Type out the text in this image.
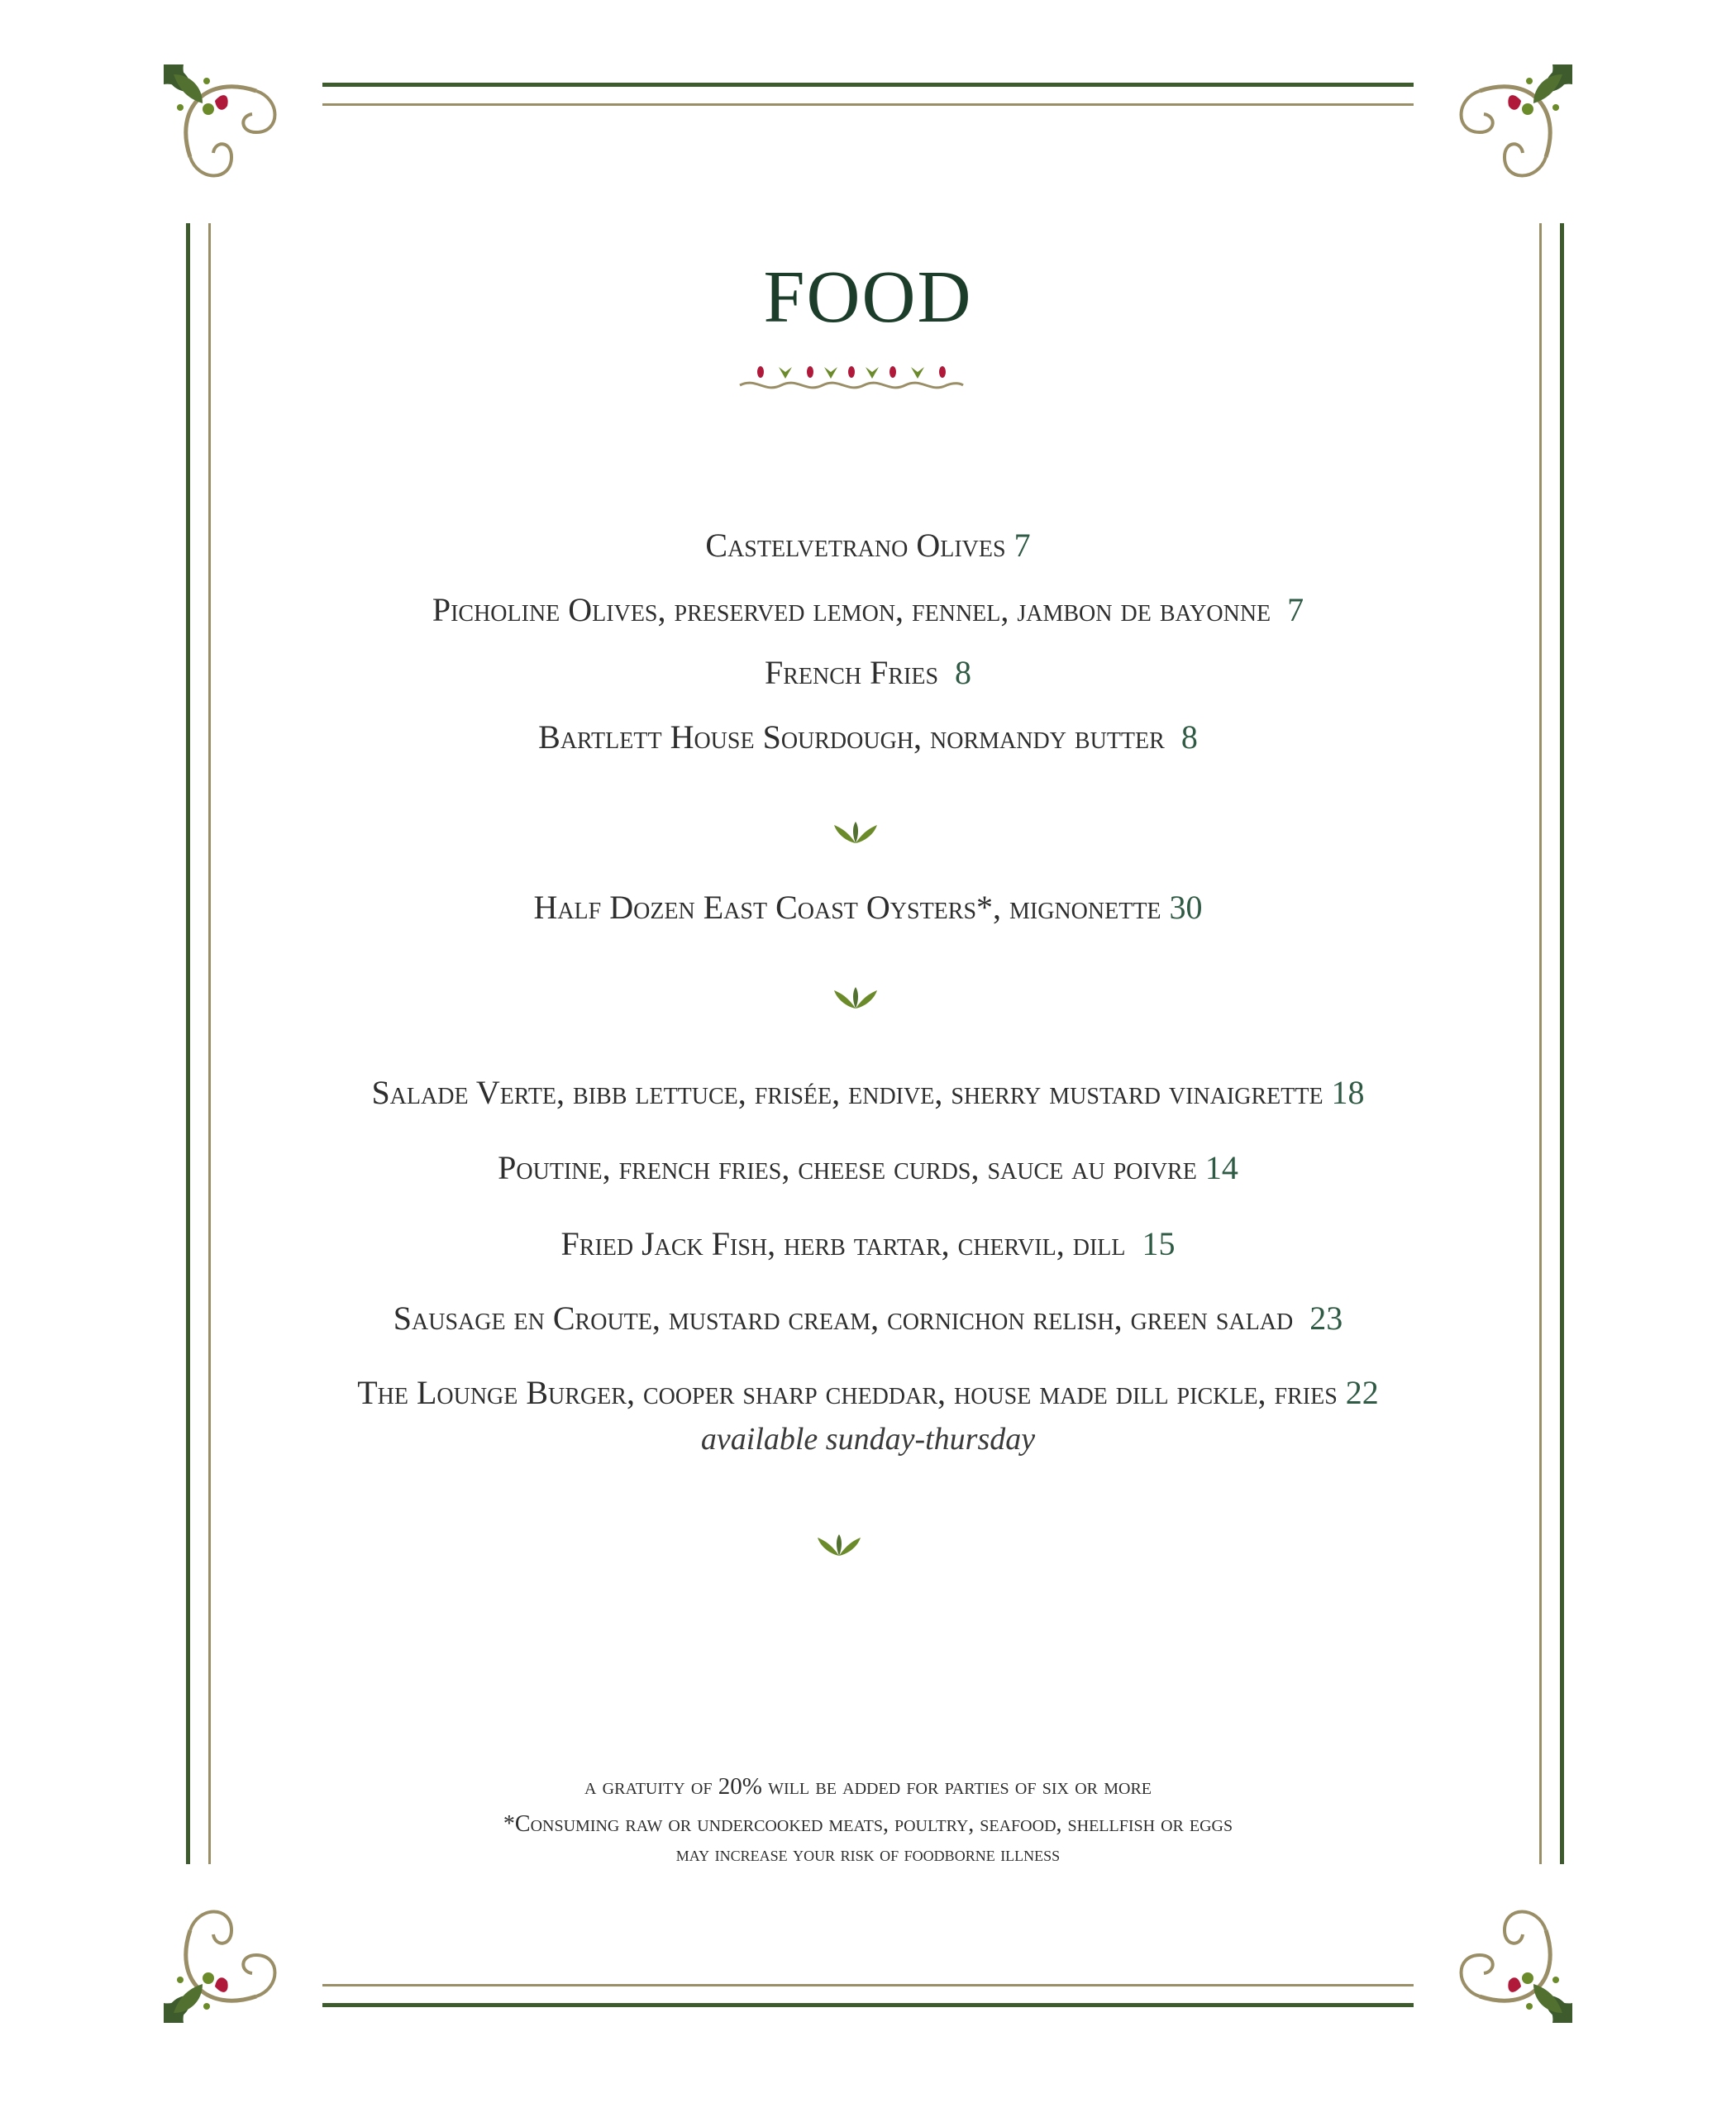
FOOD
Castelvetrano Olives 7
Picholine Olives, preserved lemon, fennel, jambon de bayonne 7
French Fries 8
Bartlett House Sourdough, normandy butter 8
Half Dozen East Coast Oysters*, mignonette 30
Salade Verte, bibb lettuce, frisée, endive, sherry mustard vinaigrette 18
Poutine, french fries, cheese curds, sauce au poivre 14
Fried Jack Fish, herb tartar, chervil, dill 15
Sausage en Croute, mustard cream, cornichon relish, green salad 23
The Lounge Burger, cooper sharp cheddar, house made dill pickle, fries 22
available sunday-thursday
a gratuity of 20% will be added for parties of six or more
*Consuming raw or undercooked meats, poultry, seafood, shellfish or eggs
may increase your risk of foodborne illness
